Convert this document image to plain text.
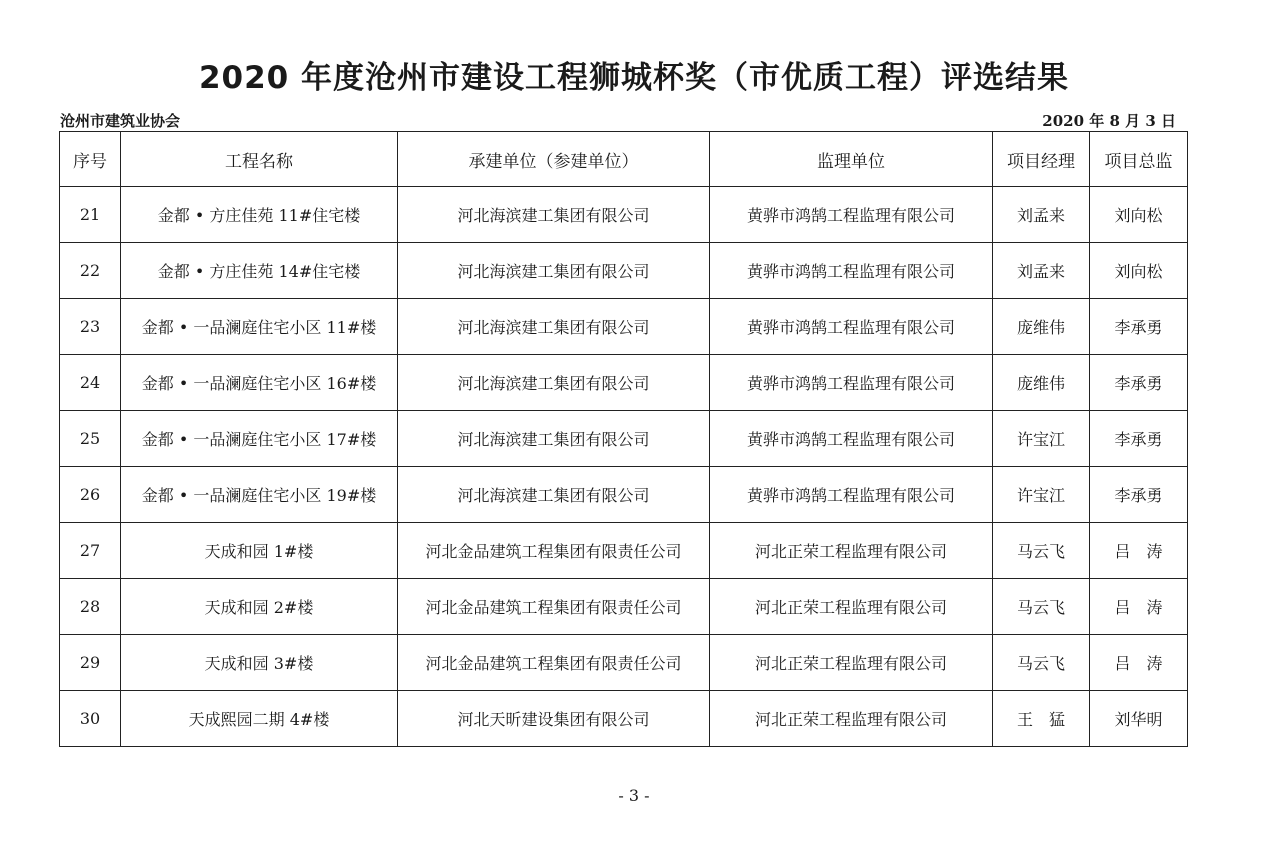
2020 年度沧州市建设工程狮城杯奖（市优质工程）评选结果
沧州市建筑业协会	2020 年 8 月 3 日
序号	工程名称	承建单位（参建单位）	监理单位	项目经理	项目总监
21	金都 • 方庄佳苑 11#住宅楼	河北海滨建工集团有限公司	黄骅市鸿鹄工程监理有限公司	刘孟来	刘向松
22	金都 • 方庄佳苑 14#住宅楼	河北海滨建工集团有限公司	黄骅市鸿鹄工程监理有限公司	刘孟来	刘向松
23	金都 • 一品澜庭住宅小区 11#楼	河北海滨建工集团有限公司	黄骅市鸿鹄工程监理有限公司	庞维伟	李承勇
24	金都 • 一品澜庭住宅小区 16#楼	河北海滨建工集团有限公司	黄骅市鸿鹄工程监理有限公司	庞维伟	李承勇
25	金都 • 一品澜庭住宅小区 17#楼	河北海滨建工集团有限公司	黄骅市鸿鹄工程监理有限公司	许宝江	李承勇
26	金都 • 一品澜庭住宅小区 19#楼	河北海滨建工集团有限公司	黄骅市鸿鹄工程监理有限公司	许宝江	李承勇
27	天成和园 1#楼	河北金品建筑工程集团有限责任公司	河北正荣工程监理有限公司	马云飞	吕　涛
28	天成和园 2#楼	河北金品建筑工程集团有限责任公司	河北正荣工程监理有限公司	马云飞	吕　涛
29	天成和园 3#楼	河北金品建筑工程集团有限责任公司	河北正荣工程监理有限公司	马云飞	吕　涛
30	天成熙园二期 4#楼	河北天昕建设集团有限公司	河北正荣工程监理有限公司	王　猛	刘华明
- 3 -
